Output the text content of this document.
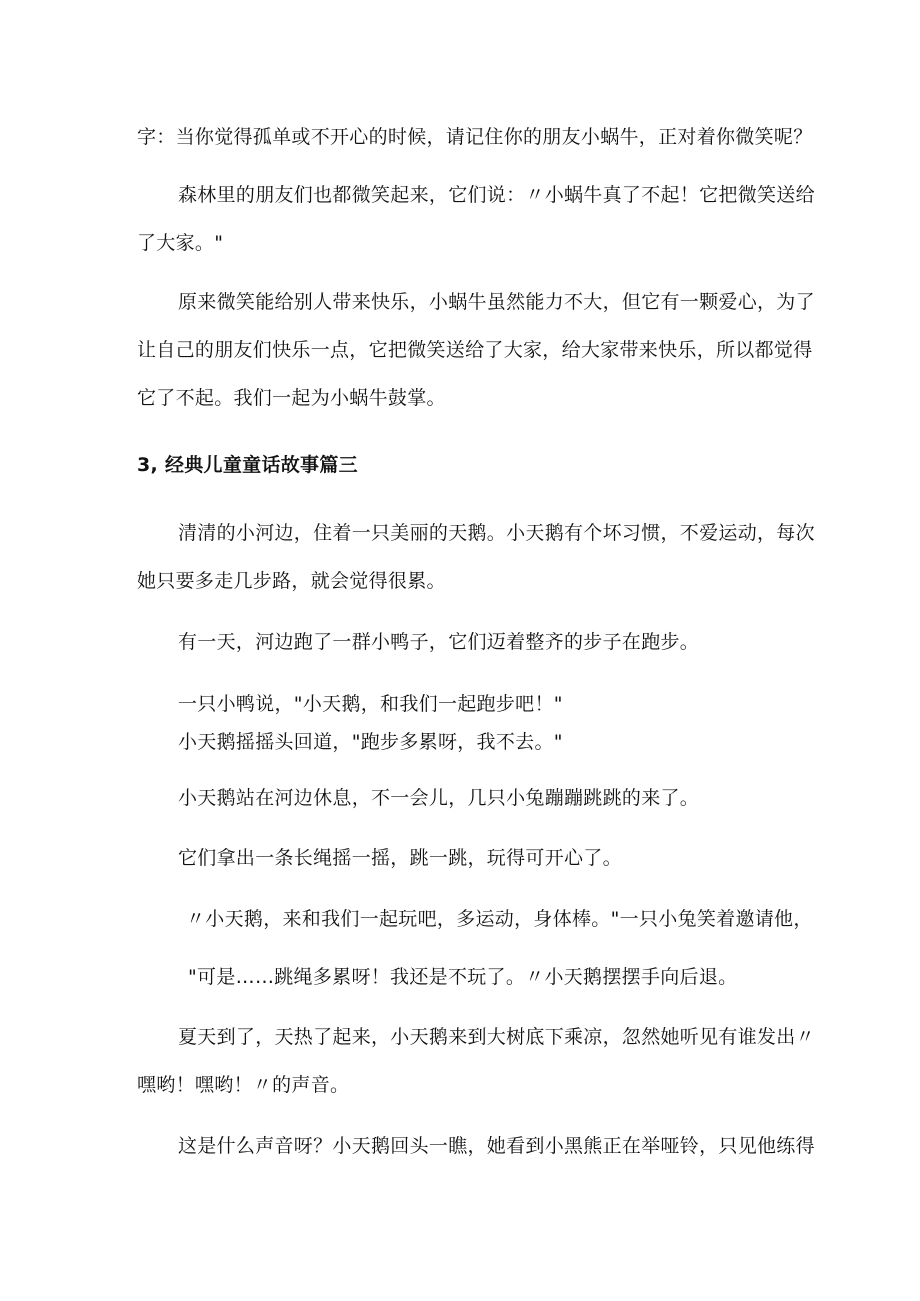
字：当你觉得孤单或不开心的时候，请记住你的朋友小蜗牛，正对着你微笑呢？
森林里的朋友们也都微笑起来，它们说：〃小蜗牛真了不起！它把微笑送给
了大家。"
原来微笑能给别人带来快乐，小蜗牛虽然能力不大，但它有一颗爱心，为了
让自己的朋友们快乐一点，它把微笑送给了大家，给大家带来快乐，所以都觉得
它了不起。我们一起为小蜗牛鼓掌。
3, 经典儿童童话故事篇三
清清的小河边，住着一只美丽的天鹅。小天鹅有个坏习惯，不爱运动，每次
她只要多走几步路，就会觉得很累。
有一天，河边跑了一群小鸭子，它们迈着整齐的步子在跑步。
一只小鸭说，"小天鹅，和我们一起跑步吧！"
小天鹅摇摇头回道，"跑步多累呀，我不去。"
小天鹅站在河边休息，不一会儿，几只小兔蹦蹦跳跳的来了。
它们拿出一条长绳摇一摇，跳一跳，玩得可开心了。
〃小天鹅，来和我们一起玩吧，多运动，身体棒。"一只小兔笑着邀请他，
"可是……跳绳多累呀！我还是不玩了。〃小天鹅摆摆手向后退。
夏天到了，天热了起来，小天鹅来到大树底下乘凉，忽然她听见有谁发出〃
嘿哟！嘿哟！〃的声音。
这是什么声音呀？小天鹅回头一瞧，她看到小黑熊正在举哑铃，只见他练得
